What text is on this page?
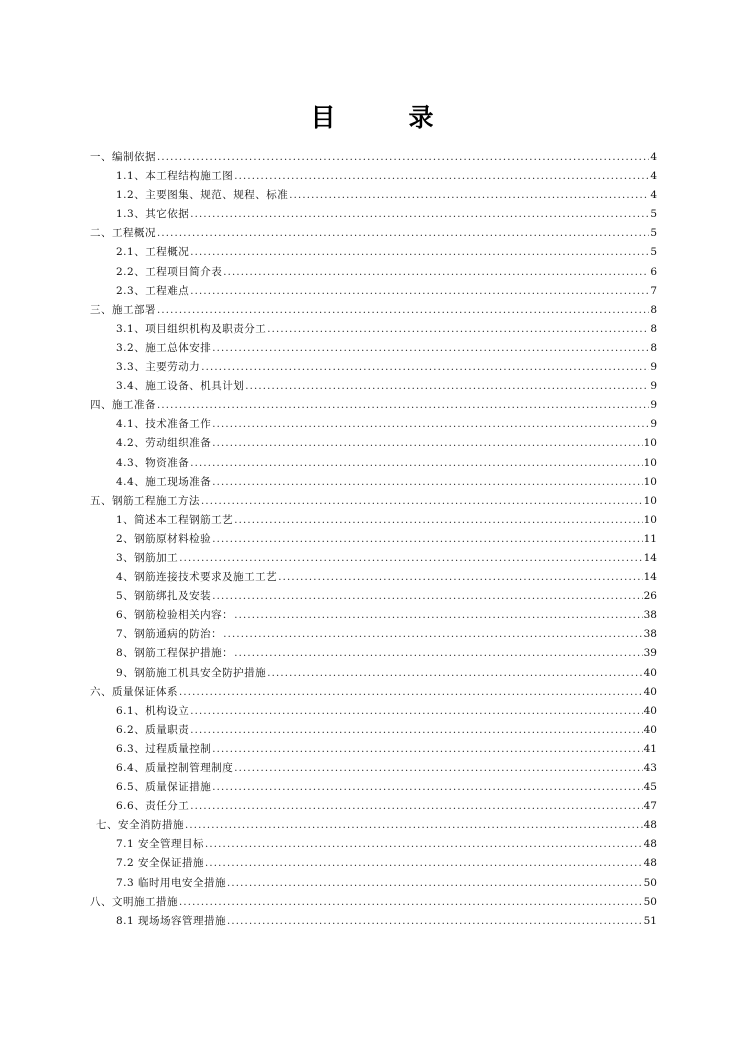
目　录
一、编制依据 .....	4
1.1、本工程结构施工图 .....	4
1.2、主要图集、规范、规程、标准 .....	4
1.3、其它依据 .....	5
二、工程概况 .....	5
2.1、工程概况 .....	5
2.2、工程项目简介表 .....	6
2.3、工程难点 .....	7
三、施工部署 .....	8
3.1、项目组织机构及职责分工 .....	8
3.2、施工总体安排 .....	8
3.3、主要劳动力 .....	9
3.4、施工设备、机具计划 .....	9
四、施工准备 .....	9
4.1、技术准备工作 .....	9
4.2、劳动组织准备 .....	10
4.3、物资准备 .....	10
4.4、施工现场准备 .....	10
五、钢筋工程施工方法 .....	10
1、简述本工程钢筋工艺 .....	10
2、钢筋原材料检验 .....	11
3、钢筋加工 .....	14
4、钢筋连接技术要求及施工工艺 .....	14
5、钢筋绑扎及安装 .....	26
6、钢筋检验相关内容： .....	38
7、钢筋通病的防治： .....	38
8、钢筋工程保护措施： .....	39
9、钢筋施工机具安全防护措施 .....	40
六、质量保证体系 .....	40
6.1、机构设立 .....	40
6.2、质量职责 .....	40
6.3、过程质量控制 .....	41
6.4、质量控制管理制度 .....	43
6.5、质量保证措施 .....	45
6.6、责任分工 .....	47
七、安全消防措施 .....	48
7.1 安全管理目标 .....	48
7.2 安全保证措施 .....	48
7.3 临时用电安全措施 .....	50
八、文明施工措施 .....	50
8.1 现场场容管理措施 .....	51
